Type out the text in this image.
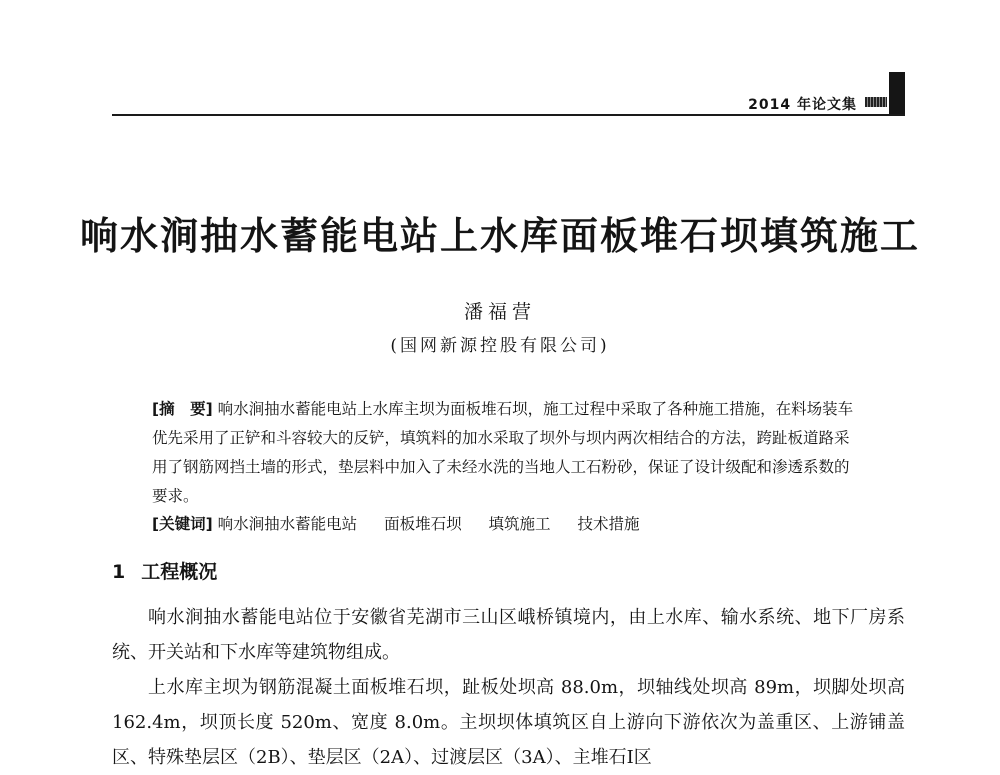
2014 年论文集
响水涧抽水蓄能电站上水库面板堆石坝填筑施工
潘福营
(国网新源控股有限公司)
[摘　要] 响水涧抽水蓄能电站上水库主坝为面板堆石坝，施工过程中采取了各种施工措施，在料场装车优先采用了正铲和斗容较大的反铲，填筑料的加水采取了坝外与坝内两次相结合的方法，跨趾板道路采用了钢筋网挡土墙的形式，垫层料中加入了未经水洗的当地人工石粉砂，保证了设计级配和渗透系数的要求。
[关键词] 响水涧抽水蓄能电站 面板堆石坝 填筑施工 技术措施
1 工程概况

响水涧抽水蓄能电站位于安徽省芜湖市三山区峨桥镇境内，由上水库、输水系统、地下厂房系统、开关站和下水库等建筑物组成。

上水库主坝为钢筋混凝土面板堆石坝，趾板处坝高 88.0m，坝轴线处坝高 89m，坝脚处坝高 162.4m，坝顶长度 520m、宽度 8.0m。主坝坝体填筑区自上游向下游依次为盖重区、上游铺盖区、特殊垫层区（2B）、垫层区（2A）、过渡层区（3A）、主堆石Ⅰ区
